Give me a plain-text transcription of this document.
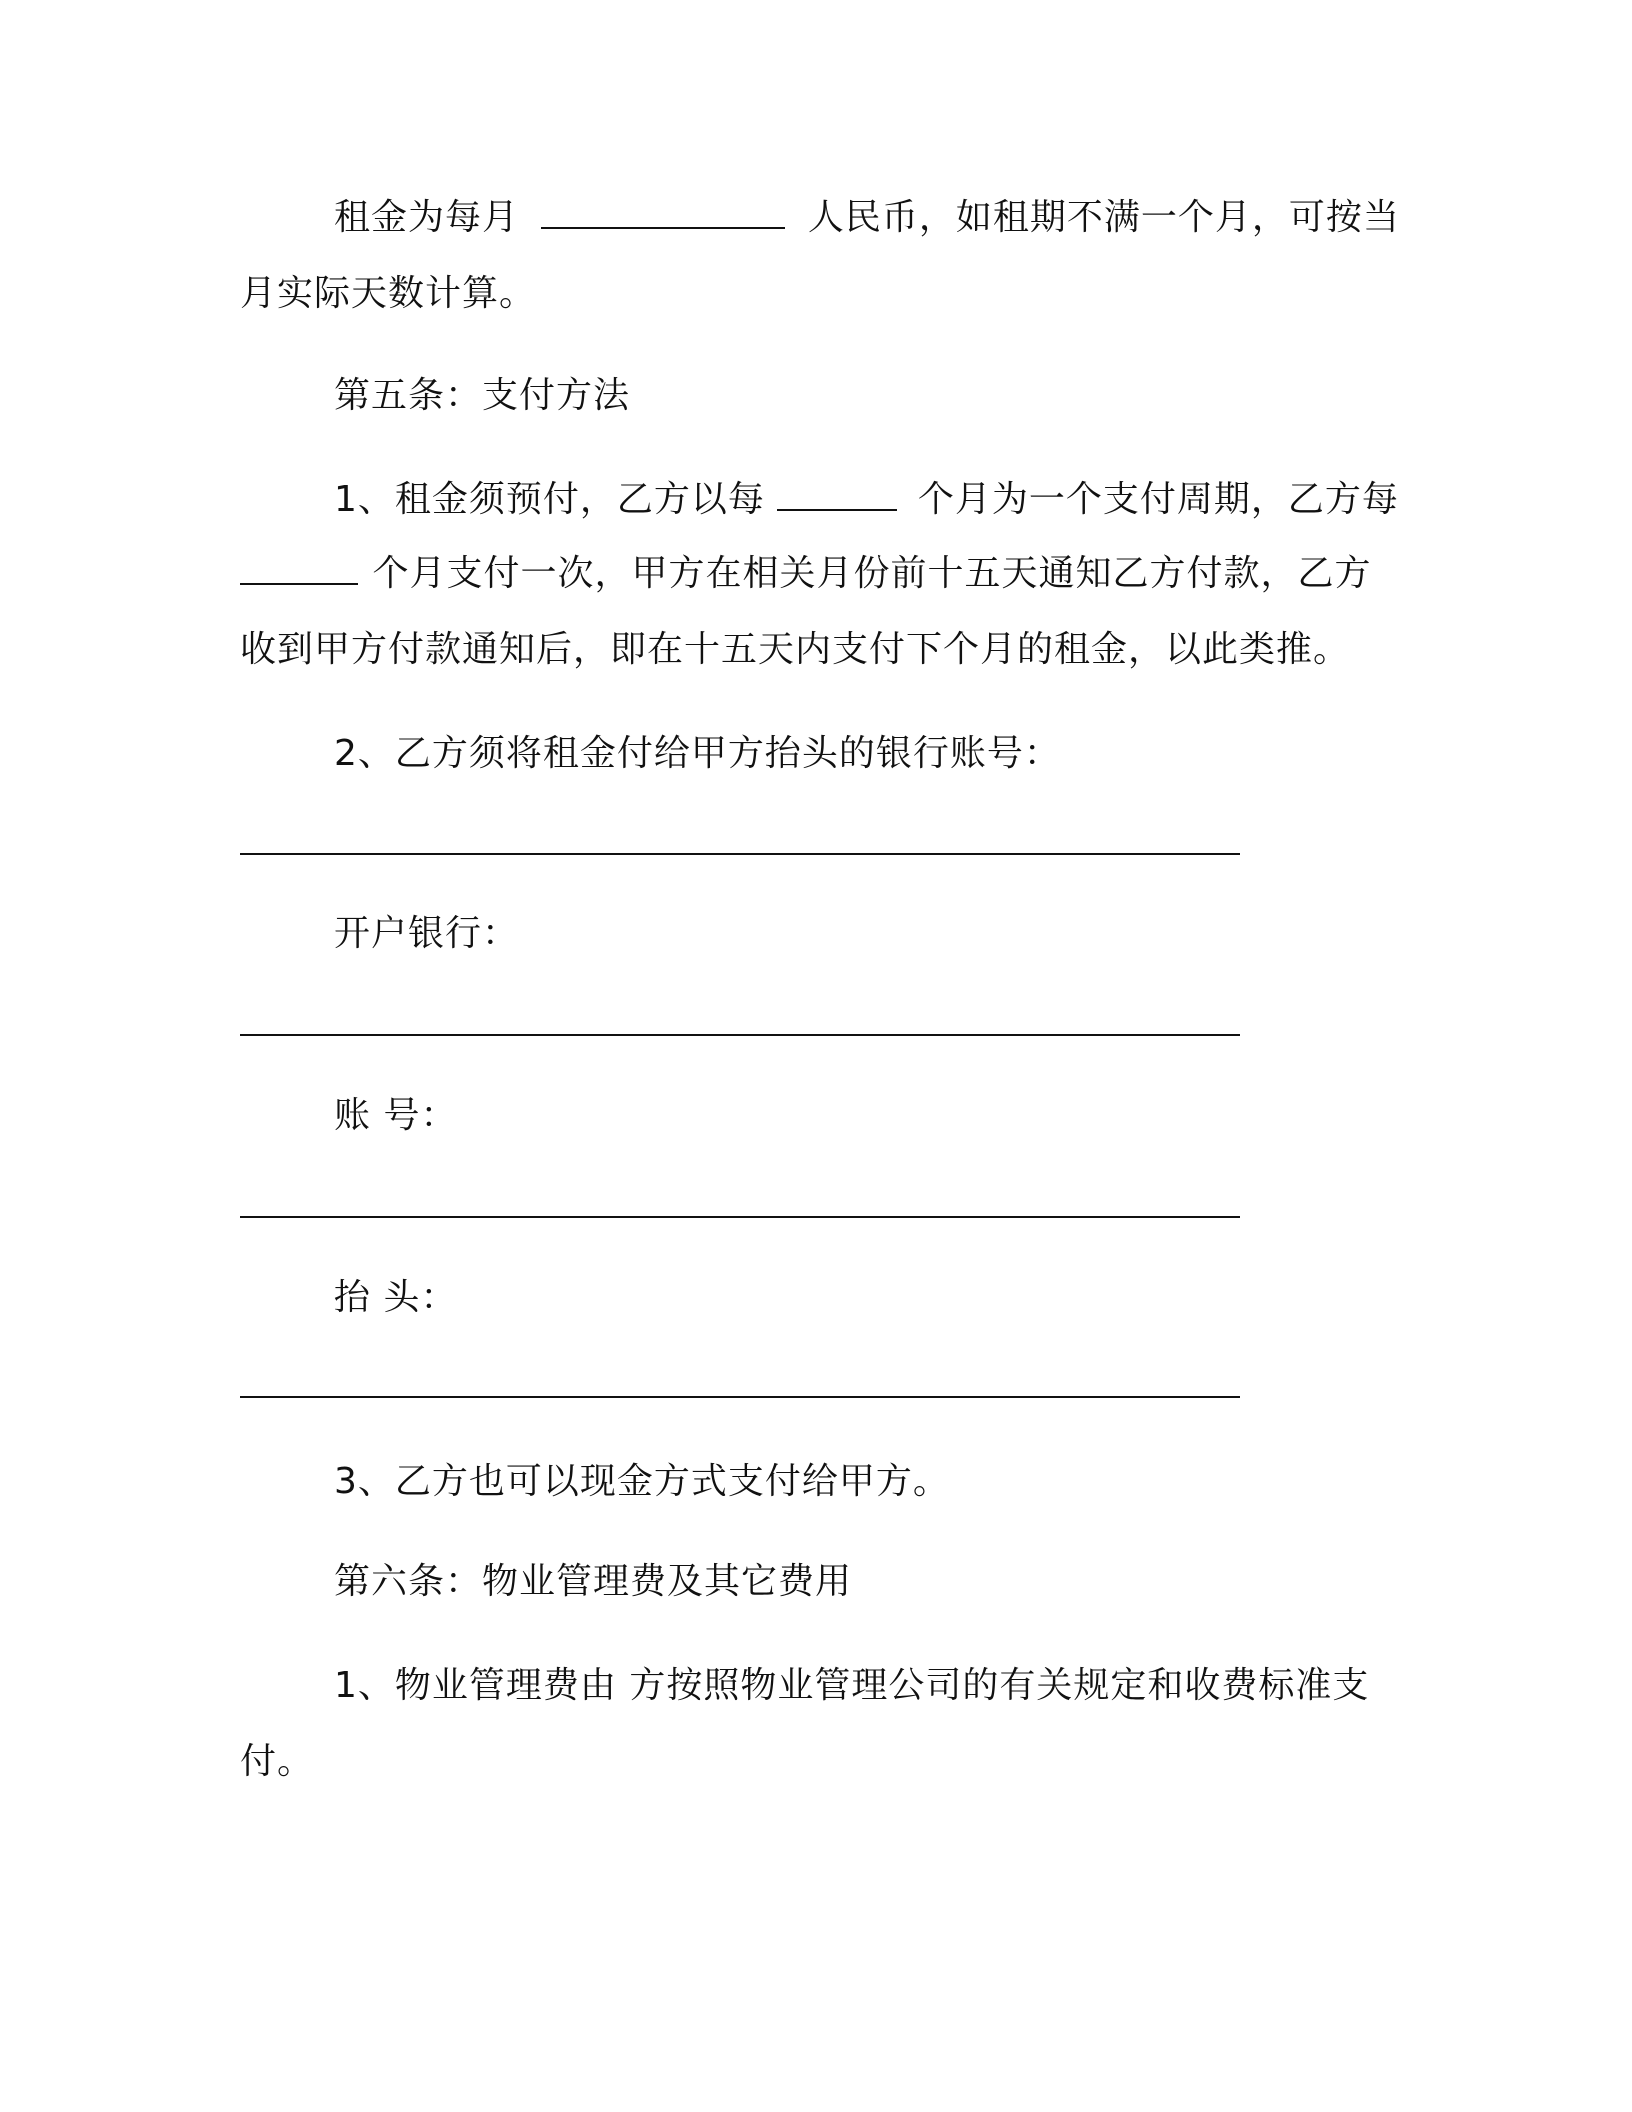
租金为每月	人民币，如租期不满一个月，可按当
月实际天数计算。
第五条：支付方法
1、租金须预付，乙方以每	个月为一个支付周期，乙方每
个月支付一次，甲方在相关月份前十五天通知乙方付款，乙方
收到甲方付款通知后，即在十五天内支付下个月的租金，以此类推。
2、乙方须将租金付给甲方抬头的银行账号：
开户银行：
账 号：
抬 头：
3、乙方也可以现金方式支付给甲方。
第六条：物业管理费及其它费用
1、物业管理费由 方按照物业管理公司的有关规定和收费标准支
付。
